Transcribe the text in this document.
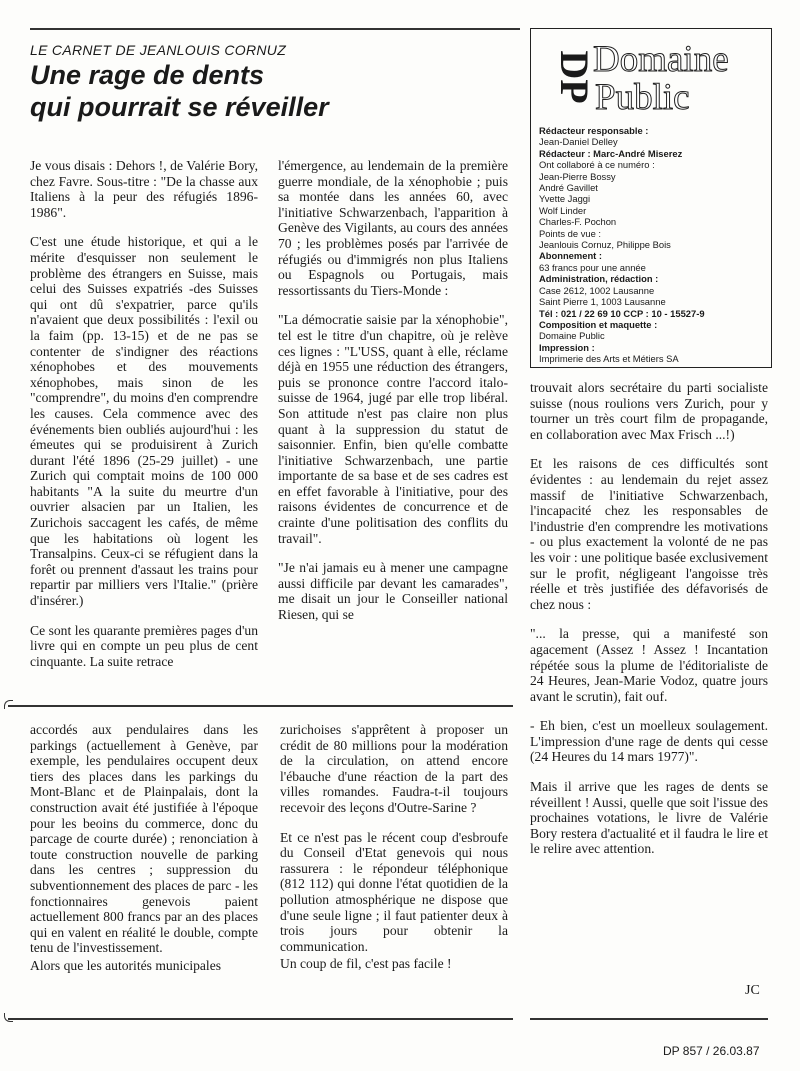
LE CARNET DE JEANLOUIS CORNUZ
Une rage de dents
qui pourrait se réveiller
DP
Domaine
Public
Rédacteur responsable :
Jean-Daniel Delley
Rédacteur : Marc-André Miserez
Ont collaboré à ce numéro :
Jean-Pierre Bossy
André Gavillet
Yvette Jaggi
Wolf Linder
Charles-F. Pochon
Points de vue :
Jeanlouis Cornuz, Philippe Bois
Abonnement :
63 francs pour une année
Administration, rédaction :
Case 2612, 1002 Lausanne
Saint Pierre 1, 1003 Lausanne
Tél : 021 / 22 69 10 CCP : 10 - 15527-9
Composition et maquette :
Domaine Public
Impression :
Imprimerie des Arts et Métiers SA

Je vous disais : Dehors !, de Valérie Bory, chez Favre. Sous-titre : "De la chasse aux Italiens à la peur des réfugiés 1896-1986".

C'est une étude historique, et qui a le mérite d'esquisser non seulement le problème des étrangers en Suisse, mais celui des Suisses expatriés -des Suisses qui ont dû s'expatrier, parce qu'ils n'avaient que deux possibilités : l'exil ou la faim (pp. 13-15) et de ne pas se contenter de s'indigner des réactions xénophobes et des mouvements xénophobes, mais sinon de les "comprendre", du moins d'en comprendre les causes. Cela commence avec des événements bien oubliés aujourd'hui : les émeutes qui se produisirent à Zurich durant l'été 1896 (25-29 juillet) - une Zurich qui comptait moins de 100 000 habitants "A la suite du meurtre d'un ouvrier alsacien par un Italien, les Zurichois saccagent les cafés, de même que les habitations où logent les Transalpins. Ceux-ci se réfugient dans la forêt ou prennent d'assaut les trains pour repartir par milliers vers l'Italie." (prière d'insérer.)

Ce sont les quarante premières pages d'un livre qui en compte un peu plus de cent cinquante. La suite retrace

l'émergence, au lendemain de la première guerre mondiale, de la xénophobie ; puis sa montée dans les années 60, avec l'initiative Schwarzenbach, l'apparition à Genève des Vigilants, au cours des années 70 ; les problèmes posés par l'arrivée de réfugiés ou d'immigrés non plus Italiens ou Espagnols ou Portugais, mais ressortissants du Tiers-Monde :

"La démocratie saisie par la xénophobie", tel est le titre d'un chapitre, où je relève ces lignes : "L'USS, quant à elle, réclame déjà en 1955 une réduction des étrangers, puis se prononce contre l'accord italo-suisse de 1964, jugé par elle trop libéral. Son attitude n'est pas claire non plus quant à la suppression du statut de saisonnier. Enfin, bien qu'elle combatte l'initiative Schwarzenbach, une partie importante de sa base et de ses cadres est en effet favorable à l'initiative, pour des raisons évidentes de concurrence et de crainte d'une politisation des conflits du travail".

"Je n'ai jamais eu à mener une campagne aussi difficile par devant les camarades", me disait un jour le Conseiller national Riesen, qui se

trouvait alors secrétaire du parti socialiste suisse (nous roulions vers Zurich, pour y tourner un très court film de propagande, en collaboration avec Max Frisch ...!)

Et les raisons de ces difficultés sont évidentes : au lendemain du rejet assez massif de l'initiative Schwarzenbach, l'incapacité chez les responsables de l'industrie d'en comprendre les motivations - ou plus exactement la volonté de ne pas les voir : une politique basée exclusivement sur le profit, négligeant l'angoisse très réelle et très justifiée des défavorisés de chez nous :

"... la presse, qui a manifesté son agacement (Assez ! Assez ! Incantation répétée sous la plume de l'éditorialiste de 24 Heures, Jean-Marie Vodoz, quatre jours avant le scrutin), fait ouf.

- Eh bien, c'est un moelleux soulagement. L'impression d'une rage de dents qui cesse (24 Heures du 14 mars 1977)".

Mais il arrive que les rages de dents se réveillent ! Aussi, quelle que soit l'issue des prochaines votations, le livre de Valérie Bory restera d'actualité et il faudra le lire et le relire avec attention.

JC

accordés aux pendulaires dans les parkings (actuellement à Genève, par exemple, les pendulaires occupent deux tiers des places dans les parkings du Mont-Blanc et de Plainpalais, dont la construction avait été justifiée à l'époque pour les beoins du commerce, donc du parcage de courte durée) ; renonciation à toute construction nouvelle de parking dans les centres ; suppression du subventionnement des places de parc - les fonctionnaires genevois paient actuellement 800 francs par an des places qui en valent en réalité le double, compte tenu de l'investissement.

Alors que les autorités municipales

zurichoises s'apprêtent à proposer un crédit de 80 millions pour la modération de la circulation, on attend encore l'ébauche d'une réaction de la part des villes romandes. Faudra-t-il toujours recevoir des leçons d'Outre-Sarine ?

Et ce n'est pas le récent coup d'esbroufe du Conseil d'Etat genevois qui nous rassurera : le répondeur téléphonique (812 112) qui donne l'état quotidien de la pollution atmosphérique ne dispose que d'une seule ligne ; il faut patienter deux à trois jours pour obtenir la communication.

Un coup de fil, c'est pas facile !

DP 857 / 26.03.87
